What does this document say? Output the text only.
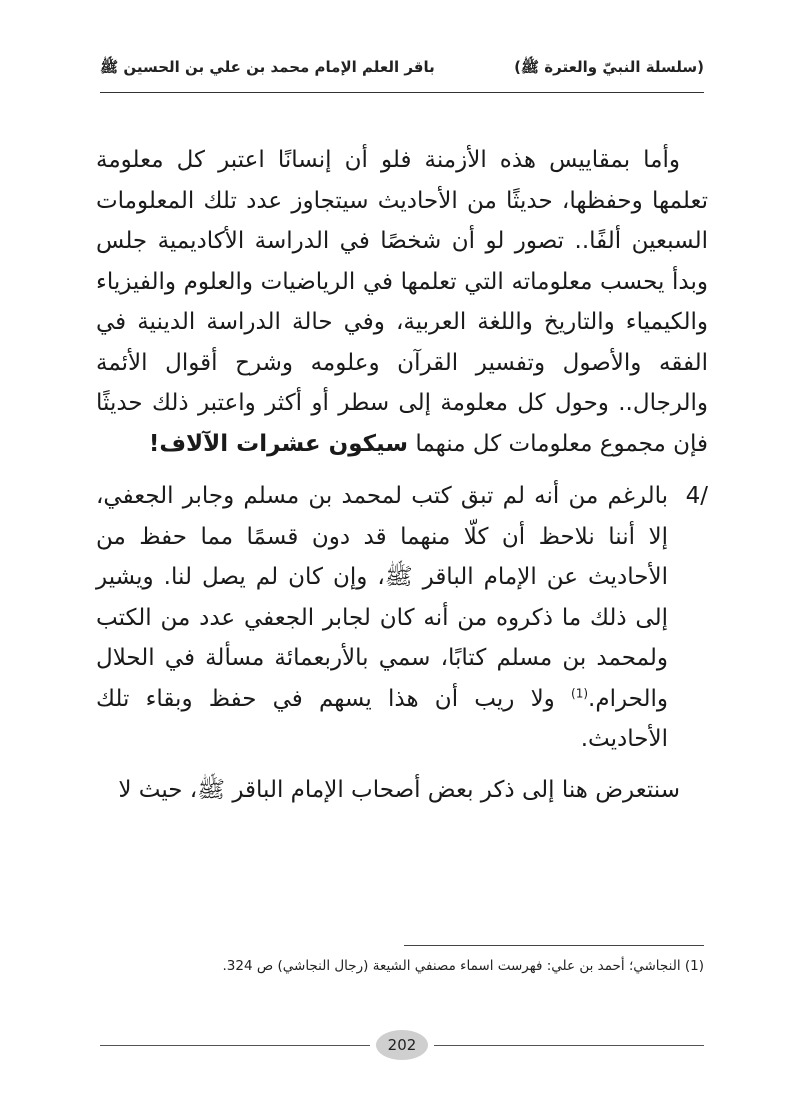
(سلسلة النبيّ والعترة ﷺ)
باقر العلم الإمام محمد بن علي بن الحسين ﷺ

وأما بمقاييس هذه الأزمنة فلو أن إنسانًا اعتبر كل معلومة تعلمها وحفظها، حديثًا من الأحاديث سيتجاوز عدد تلك المعلومات السبعين ألفًا.. تصور لو أن شخصًا في الدراسة الأكاديمية جلس وبدأ يحسب معلوماته التي تعلمها في الرياضيات والعلوم والفيزياء والكيمياء والتاريخ واللغة العربية، وفي حالة الدراسة الدينية في الفقه والأصول وتفسير القرآن وعلومه وشرح أقوال الأئمة والرجال.. وحول كل معلومة إلى سطر أو أكثر واعتبر ذلك حديثًا فإن مجموع معلومات كل منهما سيكون عشرات الآلاف!

4/
بالرغم من أنه لم تبق كتب لمحمد بن مسلم وجابر الجعفي، إلا أننا نلاحظ أن كلّا منهما قد دون قسمًا مما حفظ من الأحاديث عن الإمام الباقر ﷺ، وإن كان لم يصل لنا. ويشير إلى ذلك ما ذكروه من أنه كان لجابر الجعفي عدد من الكتب ولمحمد بن مسلم كتابًا، سمي بالأربعمائة مسألة في الحلال والحرام.$^{(1)}$ ولا ريب أن هذا يسهم في حفظ وبقاء تلك الأحاديث.

سنتعرض هنا إلى ذكر بعض أصحاب الإمام الباقر ﷺ، حيث لا

(1) النجاشي؛ أحمد بن علي: فهرست اسماء مصنفي الشيعة (رجال النجاشي) ص 324.
202
